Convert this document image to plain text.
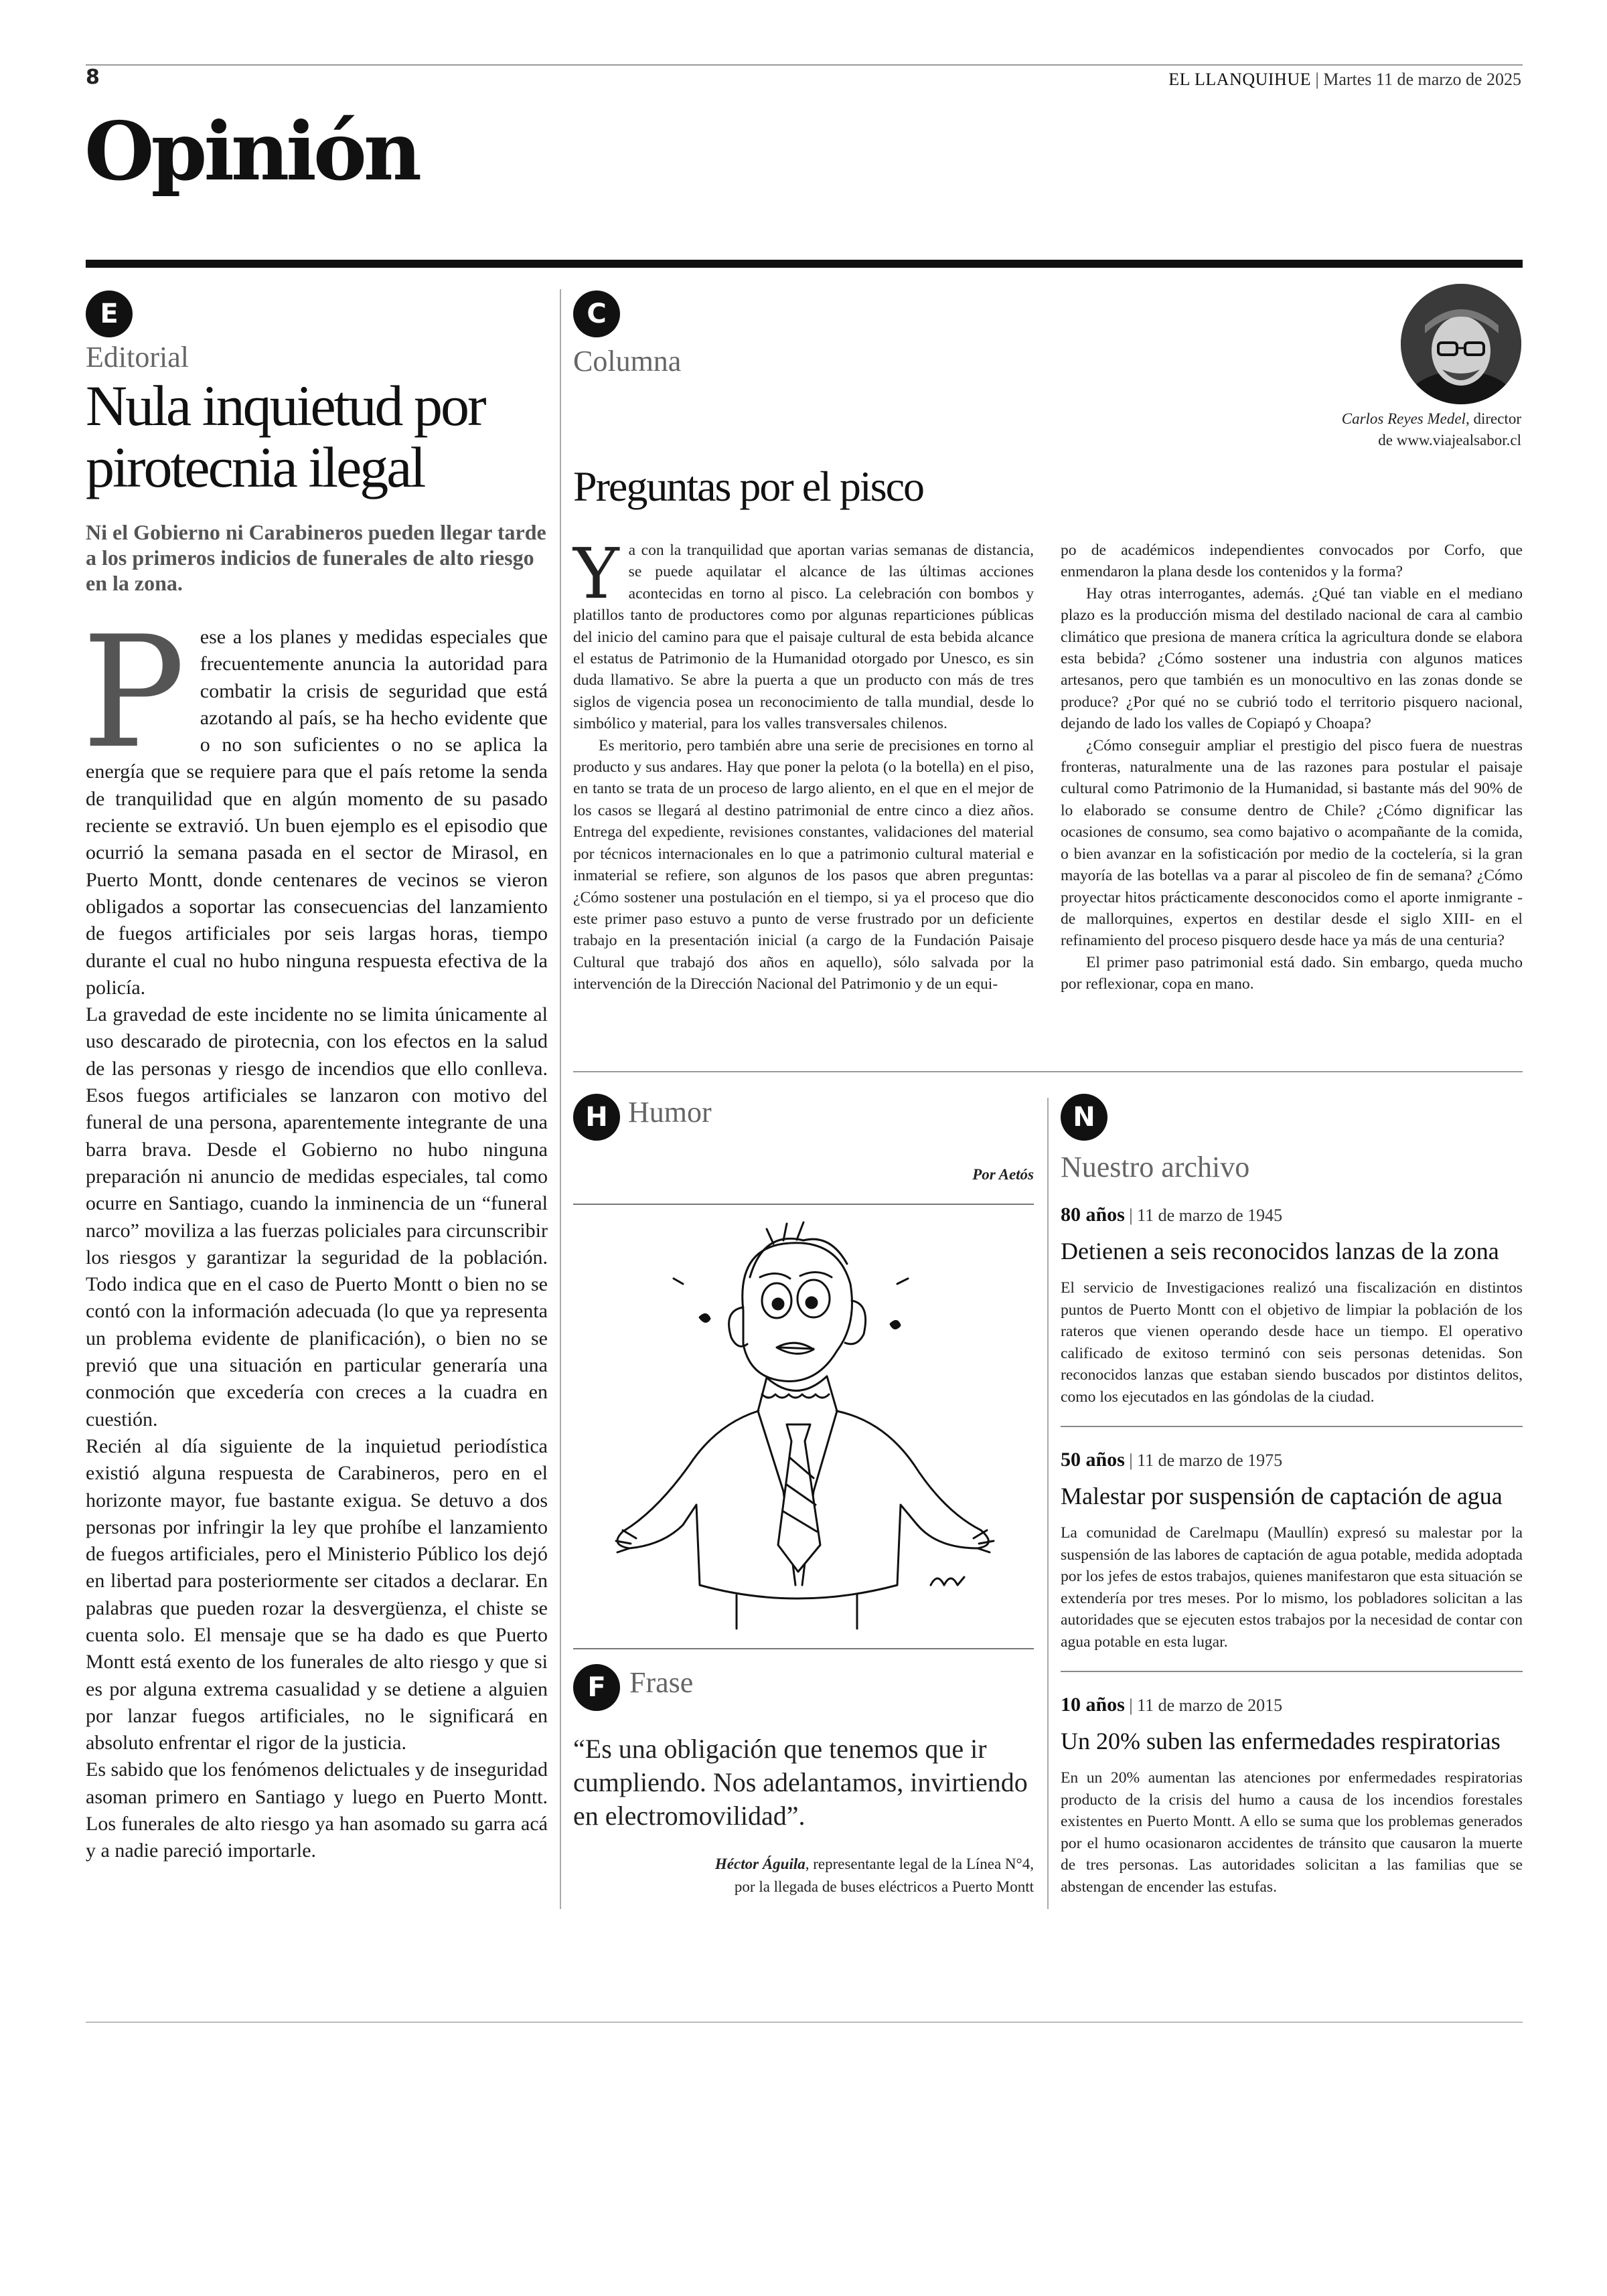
8	EL LLANQUIHUE | Martes 11 de marzo de 2025
Opinión
E
Editorial
Nula inquietud por pirotecnia ilegal
Ni el Gobierno ni Carabineros pueden llegar tarde a los primeros indicios de funerales de alto riesgo en la zona.
P ese a los planes y medidas especiales que frecuentemente anuncia la autoridad para combatir la crisis de seguridad que está azotando al país, se ha hecho evidente que o no son suficientes o no se aplica la energía que se requiere para que el país retome la senda de tranquilidad que en algún momento de su pasado reciente se extravió. Un buen ejemplo es el episodio que ocurrió la semana pasada en el sector de Mirasol, en Puerto Montt, donde centenares de vecinos se vieron obligados a soportar las consecuencias del lanzamiento de fuegos artificiales por seis largas horas, tiempo durante el cual no hubo ninguna respuesta efectiva de la policía.

La gravedad de este incidente no se limita únicamente al uso descarado de pirotecnia, con los efectos en la salud de las personas y riesgo de incendios que ello conlleva. Esos fuegos artificiales se lanzaron con motivo del funeral de una persona, aparentemente integrante de una barra brava. Desde el Gobierno no hubo ninguna preparación ni anuncio de medidas especiales, tal como ocurre en Santiago, cuando la inminencia de un “funeral narco” moviliza a las fuerzas policiales para circunscribir los riesgos y garantizar la seguridad de la población. Todo indica que en el caso de Puerto Montt o bien no se contó con la información adecuada (lo que ya representa un problema evidente de planificación), o bien no se previó que una situación en particular generaría una conmoción que excedería con creces a la cuadra en cuestión.

Recién al día siguiente de la inquietud periodística existió alguna respuesta de Carabineros, pero en el horizonte mayor, fue bastante exigua. Se detuvo a dos personas por infringir la ley que prohíbe el lanzamiento de fuegos artificiales, pero el Ministerio Público los dejó en libertad para posteriormente ser citados a declarar. En palabras que pueden rozar la desvergüenza, el chiste se cuenta solo. El mensaje que se ha dado es que Puerto Montt está exento de los funerales de alto riesgo y que si es por alguna extrema casualidad y se detiene a alguien por lanzar fuegos artificiales, no le significará en absoluto enfrentar el rigor de la justicia.

Es sabido que los fenómenos delictuales y de inseguridad asoman primero en Santiago y luego en Puerto Montt. Los funerales de alto riesgo ya han asomado su garra acá y a nadie pareció importarle.

C
Columna
Carlos Reyes Medel, director
de www.viajealsabor.cl
Preguntas por el pisco
Y a con la tranquilidad que aportan varias semanas de distancia, se puede aquilatar el alcance de las últimas acciones acontecidas en torno al pisco. La celebración con bombos y platillos tanto de productores como por algunas reparticiones públicas del inicio del camino para que el paisaje cultural de esta bebida alcance el estatus de Patrimonio de la Humanidad otorgado por Unesco, es sin duda llamativo. Se abre la puerta a que un producto con más de tres siglos de vigencia posea un reconocimiento de talla mundial, desde lo simbólico y material, para los valles transversales chilenos.

Es meritorio, pero también abre una serie de precisiones en torno al producto y sus andares. Hay que poner la pelota (o la botella) en el piso, en tanto se trata de un proceso de largo aliento, en el que en el mejor de los casos se llegará al destino patrimonial de entre cinco a diez años. Entrega del expediente, revisiones constantes, validaciones del material por técnicos internacionales en lo que a patrimonio cultural material e inmaterial se refiere, son algunos de los pasos que abren preguntas: ¿Cómo sostener una postulación en el tiempo, si ya el proceso que dio este primer paso estuvo a punto de verse frustrado por un deficiente trabajo en la presentación inicial (a cargo de la Fundación Paisaje Cultural que trabajó dos años en aquello), sólo salvada por la intervención de la Dirección Nacional del Patrimonio y de un equi-

po de académicos independientes convocados por Corfo, que enmendaron la plana desde los contenidos y la forma?

Hay otras interrogantes, además. ¿Qué tan viable en el mediano plazo es la producción misma del destilado nacional de cara al cambio climático que presiona de manera crítica la agricultura donde se elabora esta bebida? ¿Cómo sostener una industria con algunos matices artesanos, pero que también es un monocultivo en las zonas donde se produce? ¿Por qué no se cubrió todo el territorio pisquero nacional, dejando de lado los valles de Copiapó y Choapa?

¿Cómo conseguir ampliar el prestigio del pisco fuera de nuestras fronteras, naturalmente una de las razones para postular el paisaje cultural como Patrimonio de la Humanidad, si bastante más del 90% de lo elaborado se consume dentro de Chile? ¿Cómo dignificar las ocasiones de consumo, sea como bajativo o acompañante de la comida, o bien avanzar en la sofisticación por medio de la coctelería, si la gran mayoría de las botellas va a parar al piscoleo de fin de semana? ¿Cómo proyectar hitos prácticamente desconocidos como el aporte inmigrante -de mallorquines, expertos en destilar desde el siglo XIII- en el refinamiento del proceso pisquero desde hace ya más de una centuria?

El primer paso patrimonial está dado. Sin embargo, queda mucho por reflexionar, copa en mano.

H Humor
Por Aetós
F Frase
“Es una obligación que tenemos que ir cumpliendo. Nos adelantamos, invirtiendo en electromovilidad”.
Héctor Águila, representante legal de la Línea N°4,
por la llegada de buses eléctricos a Puerto Montt
N
Nuestro archivo
80 años | 11 de marzo de 1945
Detienen a seis reconocidos lanzas de la zona
El servicio de Investigaciones realizó una fiscalización en distintos puntos de Puerto Montt con el objetivo de limpiar la población de los rateros que vienen operando desde hace un tiempo. El operativo calificado de exitoso terminó con seis personas detenidas. Son reconocidos lanzas que estaban siendo buscados por distintos delitos, como los ejecutados en las góndolas de la ciudad.
50 años | 11 de marzo de 1975
Malestar por suspensión de captación de agua
La comunidad de Carelmapu (Maullín) expresó su malestar por la suspensión de las labores de captación de agua potable, medida adoptada por los jefes de estos trabajos, quienes manifestaron que esta situación se extendería por tres meses. Por lo mismo, los pobladores solicitan a las autoridades que se ejecuten estos trabajos por la necesidad de contar con agua potable en esta lugar.
10 años | 11 de marzo de 2015
Un 20% suben las enfermedades respiratorias
En un 20% aumentan las atenciones por enfermedades respiratorias producto de la crisis del humo a causa de los incendios forestales existentes en Puerto Montt. A ello se suma que los problemas generados por el humo ocasionaron accidentes de tránsito que causaron la muerte de tres personas. Las autoridades solicitan a las familias que se abstengan de encender las estufas.
